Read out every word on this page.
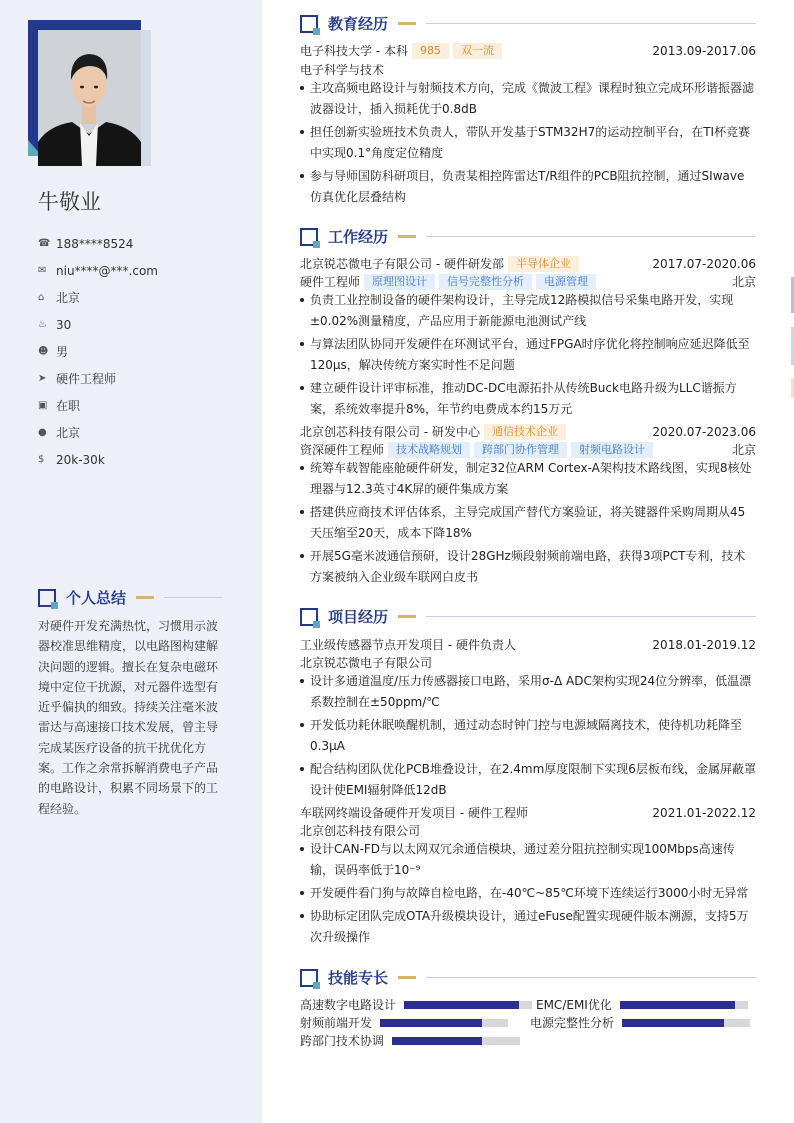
牛敬业
☎ 188****8524
✉ niu****@***.com
⌂ 北京
♨ 30
☻ 男
➤ 硬件工程师
▣ 在职
● 北京
$ 20k-30k
个人总结
对硬件开发充满热忱，习惯用示波器校准思维精度，以电路图构建解决问题的逻辑。擅长在复杂电磁环境中定位干扰源，对元器件选型有近乎偏执的细致。持续关注毫米波雷达与高速接口技术发展，曾主导完成某医疗设备的抗干扰优化方案。工作之余常拆解消费电子产品的电路设计，积累不同场景下的工程经验。
教育经历
电子科技大学 - 本科	985	双一流	2013.09-2017.06
电子科学与技术
主攻高频电路设计与射频技术方向，完成《微波工程》课程时独立完成环形谐振器滤波器设计，插入损耗优于0.8dB
担任创新实验班技术负责人，带队开发基于STM32H7的运动控制平台，在TI杯竞赛中实现0.1°角度定位精度
参与导师国防科研项目，负责某相控阵雷达T/R组件的PCB阻抗控制，通过SIwave仿真优化层叠结构
工作经历
北京锐芯微电子有限公司 - 硬件研发部	半导体企业	2017.07-2020.06
硬件工程师	原理图设计	信号完整性分析	电源管理	北京
负责工业控制设备的硬件架构设计，主导完成12路模拟信号采集电路开发，实现±0.02%测量精度，产品应用于新能源电池测试产线
与算法团队协同开发硬件在环测试平台，通过FPGA时序优化将控制响应延迟降低至120μs，解决传统方案实时性不足问题
建立硬件设计评审标准，推动DC-DC电源拓扑从传统Buck电路升级为LLC谐振方案，系统效率提升8%，年节约电费成本约15万元
北京创芯科技有限公司 - 研发中心	通信技术企业	2020.07-2023.06
资深硬件工程师	技术战略规划	跨部门协作管理	射频电路设计	北京
统筹车载智能座舱硬件研发，制定32位ARM Cortex-A架构技术路线图，实现8核处理器与12.3英寸4K屏的硬件集成方案
搭建供应商技术评估体系，主导完成国产替代方案验证，将关键器件采购周期从45天压缩至20天，成本下降18%
开展5G毫米波通信预研，设计28GHz频段射频前端电路，获得3项PCT专利，技术方案被纳入企业级车联网白皮书
项目经历
工业级传感器节点开发项目 - 硬件负责人	2018.01-2019.12
北京锐芯微电子有限公司
设计多通道温度/压力传感器接口电路，采用σ-Δ ADC架构实现24位分辨率，低温漂系数控制在±50ppm/℃
开发低功耗休眠唤醒机制，通过动态时钟门控与电源域隔离技术，使待机功耗降至0.3μA
配合结构团队优化PCB堆叠设计，在2.4mm厚度限制下实现6层板布线，金属屏蔽罩设计使EMI辐射降低12dB
车联网终端设备硬件开发项目 - 硬件工程师	2021.01-2022.12
北京创芯科技有限公司
设计CAN-FD与以太网双冗余通信模块，通过差分阻抗控制实现100Mbps高速传输，误码率低于10⁻⁹
开发硬件看门狗与故障自检电路，在-40℃~85℃环境下连续运行3000小时无异常
协助标定团队完成OTA升级模块设计，通过eFuse配置实现硬件版本溯源，支持5万次升级操作
技能专长
高速数字电路设计	EMC/EMI优化
射频前端开发	电源完整性分析
跨部门技术协调
